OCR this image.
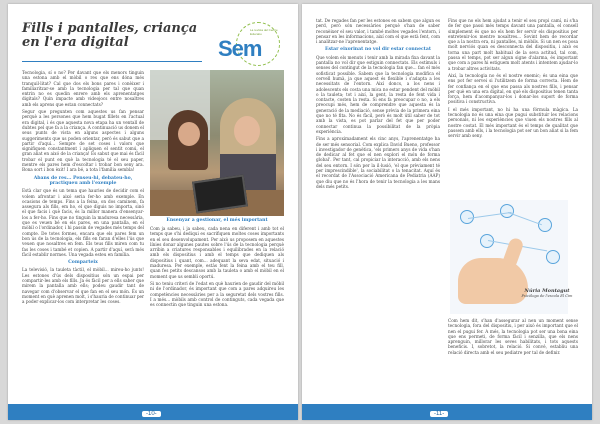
Fills i pantalles, criança
en l'era digital	Sem
La revista del Centre Educatiu

Tecnologia, sí o no? Per davant que els menors tinguin una estona amb el mòbil o res que ens dóna més tranquil·litat? Cal que dos els bons pares i conèixer i familiaritzar-se amb la tecnologia per tal que quan entrin no es quedin enrere amb els aprenentatges digitals? Quin impacte amb videojocs entre nosaltres amb els aprens que estan connectats?

Segur que pregunten com aquestes us fan pensar perquè a les persones que hem bugat fillets en l'actual era digital, i és que aquesta nova etapa ha un ventall de dubtes pel que fa a la criança. A continuació us donem el seus punts de vista en alguns aspectes i alguns suggeriments que us poden orientar, però és sabut que a partir d'aquí... Sempre de set coses i valors que signifiquen constantment i apliquen el sentit comú, el gran aliat en aixó de la criança! És sabut que mai és fàcil trobar el punt en què la tecnologia té el seu paper, mentre els pares hem d'escoltar i trobar bon seny ara. Bona sort i bon èxit! I ara bé, a tota l'família sembla!

Abans de res... Penseu-hi, debateu-ho, practiqueu amb l'exemple

Està clar que és un tema que hauries de decidir com el volem afrontar i aixó seria fer-ho amb exemple. En ocasions de temps. Fins a la feina, on dos caminem, fa assegura als fills, em ho, el que diguis no importa, sinó el que facis i què facis, és la millor manera d'ensenyar-los a fer-ho. Fins que no tinguin la maduresa necessària, que es veuen bé en els pares, en una pantalla, en el mòbil o l'ordinador, i hi passin de vegades més temps del compte. De totes formes, encara que els pares fem un bon ús de la tecnologia, els fills en faran d'elles l'ús que veuen que nosaltres en fem. Els teus fills miren com tu fas les coses i també et copien. A partir d'aquí, serà més fàcil establir normes. Una vegada esteu en família.

Comparteix

La televisió, la tauleta tàctil, el mòbil... mireu-ho junts! Les estones d'ús dels dispositius són un espai per compartir-les amb els fills. Ja és fàcil per a ells saber que mirem la pantalla amb ells; podeu gaudir tant de navegar com d'observar el que fan en el seu món. És un moment en què aprenen molt, i s'hauria de continuar per a poder explicar-los com interpretar les coses.

Ensenyar a gestionar, el més important

Com ja sabeu, i ja sabeu, cada nena en diferent i amb tot el temps que s'hi dediqui es sacrifiquen moltes coses importants en el seu desenvolupament. Per això us proposem en aquestes línies donar algunes pautes sobre l'ús de la tecnologia perquè arribin a criatures responsables i equilibrades en la relació amb els dispositius i amb el temps que dediquen als dispositius i quant, com... adequant la seva edat, situació i maduresa. Per exemple, estàs fent la feina amb el teu fill, quan fes petits descansos amb la tauleta o amb el mòbil en el moment que us sembli oportú.

Si no teniu criteri de l'edat en què haurien de gaudir del mòbil ni de l'ordinador, és important que com a pares adquireu les competències necessàries per a la seguretat dels vostres fills. I a més... mòbils amb control de continguts, cada vegada que es connectin que tinguin una estona.

-10-

tat. De regades fan per les estones en sabem que algun es perd, però són necessàries perquè s'han de saber reconèixer el seu valor, i també moltes vegades l'entorn, i pensar en les informacions, així com el que està fent, com i analitzar-ne l'aprenentatge.

Estar eixorinat no vol dir estar connectat

Que volem els menuts i tenir amb la mirada fixa davant la pantalla no vol dir que estiguin connectats. Els estímuls i senses del contingut de la tecnologia fan que... fan el més sofisticat possible. Sabem que la tecnologia modifica el cervell humà, ja que aquest és flexible i s'adapta a les necessitats de l'entorn. Així doncs, a los nens i adolescents els costa una mica no estar pendent del mòbil o la tauleta; tot i així, la gent, la resta de fent vida i contacte, costen la resta. Si ens fa preocupar o no, a els preocupi més, hem de comprendre que aquesta és la generació de la mediació, sense prèvia de la primera eina que no té fita. No és fàcil, però és molt útil saber de tot amb la vista, es pot parlar del fet que per poder connectar continua la possibilitat de la pròpia experiència.

Fins a aproximadament els cinc anys, l'aprenentatge ha de ser més sensorial. Com explica David Bueno, professor i investigador de genètica, 'els primers anys de vida s'han de dedicar al fet que el nen explori el món de forma global'. Per tant, cal propiciar la interacció, amb els nens del seu entorn. I són per la il·lusió, 'el que prèviament té per imprescindible', la sociabilitat o la tenacitat. Aquí és el recordat de l'Associació Americana de Pediatria (AAP) que diu que no és l'hora de tenir la tecnologia a les mans dels més petits.

Fins que no els hem ajudat a tenir el seu propi camí, ni s'ha de fer que passi més temps davant una pantalla, el consell simplement és que no els hem fer servir els dispositius per entretenir-los mentre nosaltres... Sovint hem de recordar que a la nostra era, ni pantalles, ni mòbils. Si un nen es posa molt nerviós quan es desconnecta del dispositiu, i això es torna una part molt habitual de la seva actitud, tal com, passa el temps, pot ser algun signe d'alarma, és important que com a pares hi estiguem molt atents i intentem ajudar-lo a trobar altres activitats.

Així, la tecnologia no és el nostre enemic; és una eina que ens pot fer servei si l'utilitzem de forma correcta. Hem de fer confiança en el que ens passa als nostres fills, i pensar per què en una era digital, en què els dispositius tenen tanta força, hem d'acompanyar-los i donar-los suport de forma positiva i constructiva.

I el més important, no hi ha una fórmula màgica. La tecnologia no és una eina que pugui substituir les relacions personals, ni les experiències que viuen els nostres fills al nostre costat. El més important és el temps de qualitat que passem amb ells, i la tecnologia pot ser un bon aliat si la fem servir amb seny.

Núria Montagut
Psicòloga de l'escola El Cim

Com hem dit, s'han d'assegurar al nen un moment sense tecnologia, fora del dispositiu, i per això és important que el nen el pugui fer. A més, la tecnologia pot ser una bona eina que ens permeti, de forma fàcil i senzilla, que els nens aprenguin, millorar les seves habilitats, i tots aquests beneficis. I, sobretot, la relació. Si convé, establiu una relació directa amb el seu pediatre per tal de definir.

-11-
